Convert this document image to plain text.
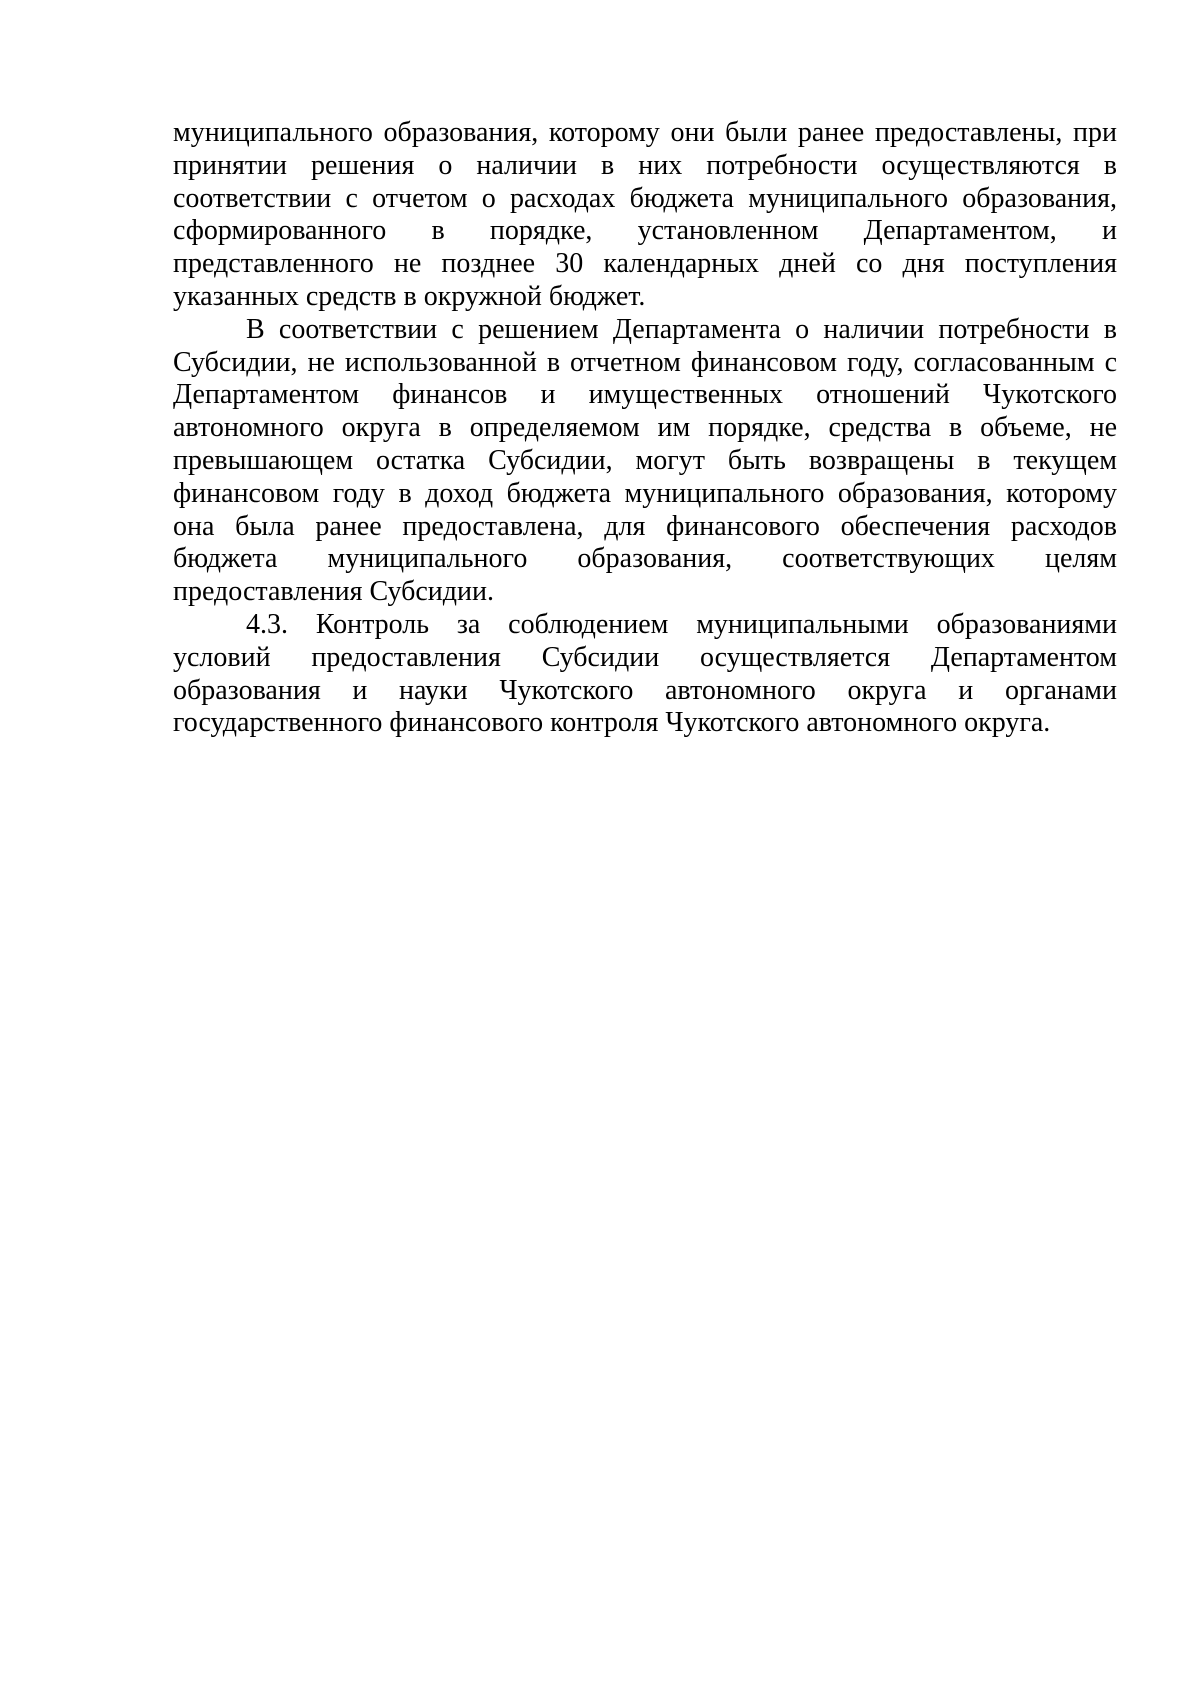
муниципального образования, которому они были ранее предоставлены, при принятии решения о наличии в них потребности осуществляются в соответствии с отчетом о расходах бюджета муниципального образования, сформированного в порядке, установленном Департаментом, и представленного не позднее 30 календарных дней со дня поступления указанных средств в окружной бюджет.

В соответствии с решением Департамента о наличии потребности в Субсидии, не использованной в отчетном финансовом году, согласованным с Департаментом финансов и имущественных отношений Чукотского автономного округа в определяемом им порядке, средства в объеме, не превышающем остатка Субсидии, могут быть возвращены в текущем финансовом году в доход бюджета муниципального образования, которому она была ранее предоставлена, для финансового обеспечения расходов бюджета муниципального образования, соответствующих целям предоставления Субсидии.

4.3. Контроль за соблюдением муниципальными образованиями условий предоставления Субсидии осуществляется Департаментом образования и науки Чукотского автономного округа и органами государственного финансового контроля Чукотского автономного округа.
